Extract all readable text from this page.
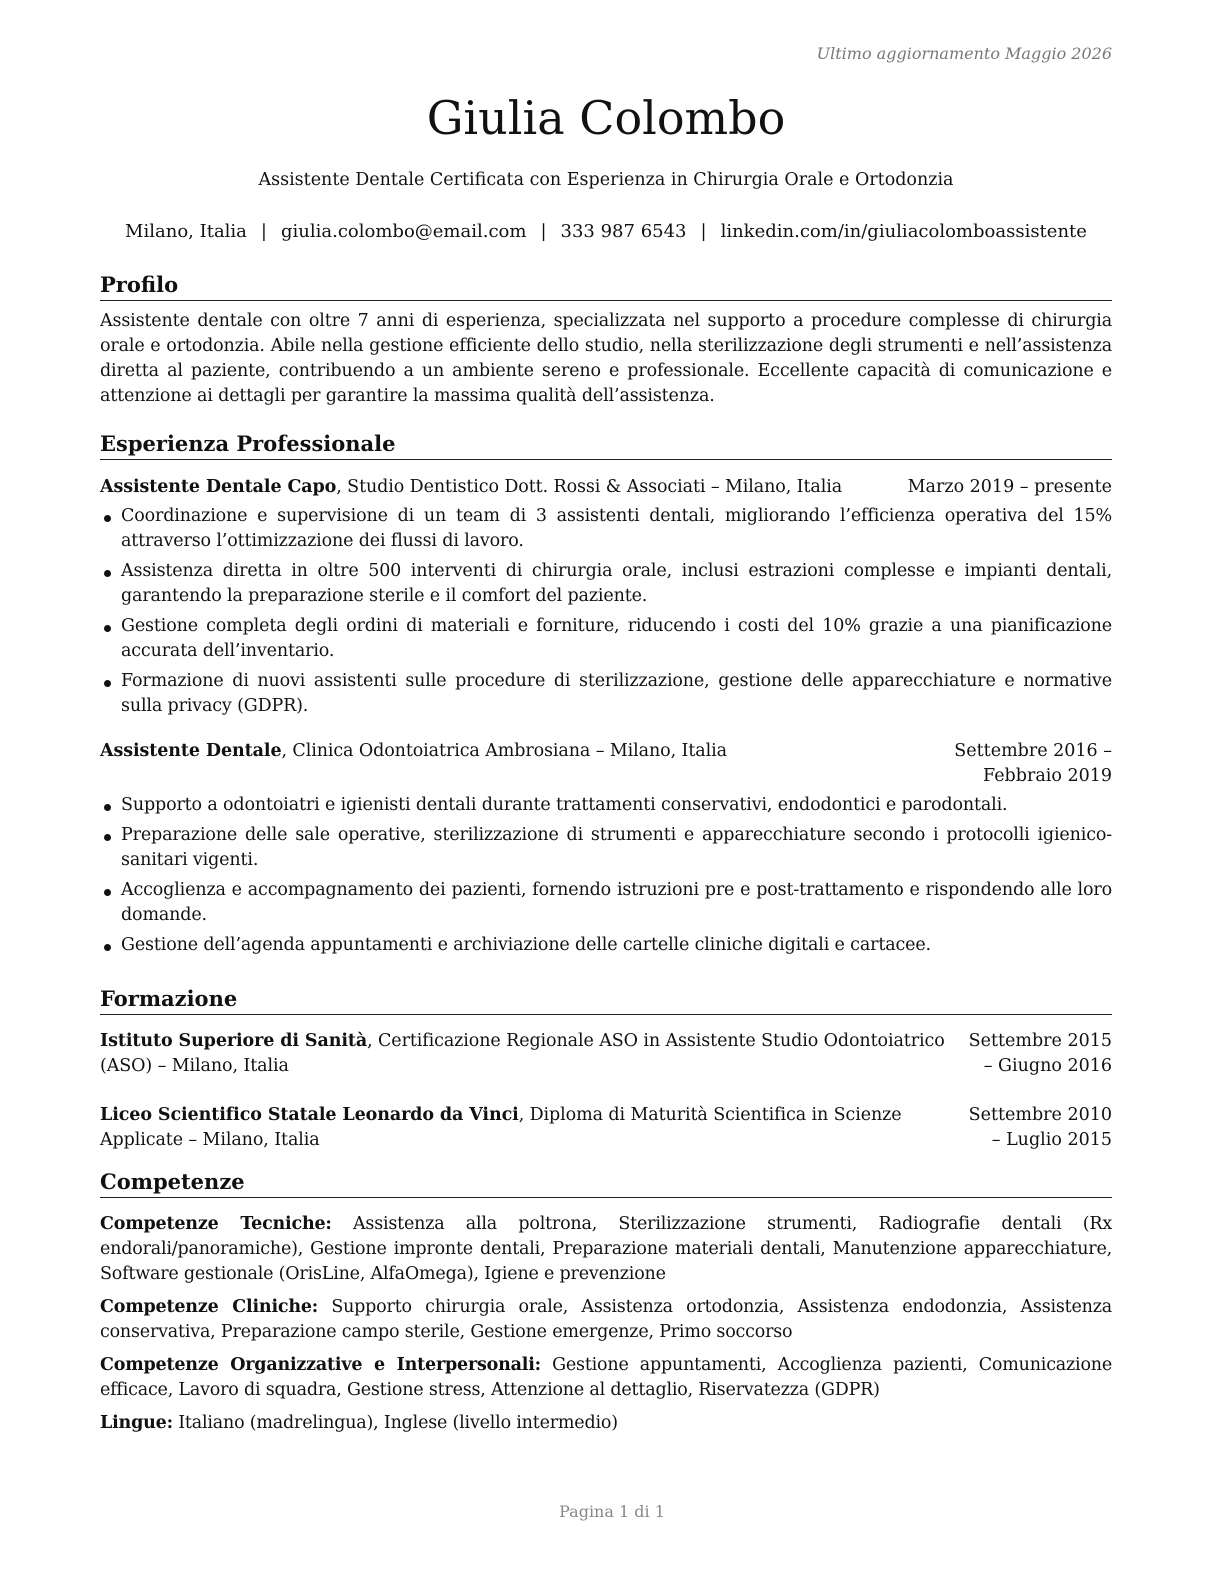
Ultimo aggiornamento Maggio 2026
Giulia Colombo
Assistente Dentale Certificata con Esperienza in Chirurgia Orale e Ortodonzia
Milano, Italia | giulia.colombo@email.com | 333 987 6543 | linkedin.com/in/giuliacolomboassistente
Profilo

Assistente dentale con oltre 7 anni di esperienza, specializzata nel supporto a procedure complesse di chirurgia orale e ortodonzia. Abile nella gestione efficiente dello studio, nella sterilizzazione degli strumenti e nell’assistenza diretta al paziente, contribuendo a un ambiente sereno e professionale. Eccellente capacità di comunicazione e attenzione ai dettagli per garantire la massima qualità dell’assistenza.

Esperienza Professionale
Assistente Dentale Capo, Studio Dentistico Dott. Rossi & Associati – Milano, Italia	Marzo 2019 – presente
Coordinazione e supervisione di un team di 3 assistenti dentali, migliorando l’efficienza operativa del 15% attraverso l’ottimizzazione dei flussi di lavoro.
Assistenza diretta in oltre 500 interventi di chirurgia orale, inclusi estrazioni complesse e impianti dentali, garantendo la preparazione sterile e il comfort del paziente.
Gestione completa degli ordini di materiali e forniture, riducendo i costi del 10% grazie a una pianificazione accurata dell’inventario.
Formazione di nuovi assistenti sulle procedure di sterilizzazione, gestione delle apparecchiature e normative sulla privacy (GDPR).
Assistente Dentale, Clinica Odontoiatrica Ambrosiana – Milano, Italia	Settembre 2016 – Febbraio 2019
Supporto a odontoiatri e igienisti dentali durante trattamenti conservativi, endodontici e parodontali.
Preparazione delle sale operative, sterilizzazione di strumenti e apparecchiature secondo i protocolli igienico-sanitari vigenti.
Accoglienza e accompagnamento dei pazienti, fornendo istruzioni pre e post-trattamento e rispondendo alle loro domande.
Gestione dell’agenda appuntamenti e archiviazione delle cartelle cliniche digitali e cartacee.
Formazione
Istituto Superiore di Sanità, Certificazione Regionale ASO in Assistente Studio Odontoiatrico (ASO) – Milano, Italia
Settembre 2015 – Giugno 2016
Liceo Scientifico Statale Leonardo da Vinci, Diploma di Maturità Scientifica in Scienze Applicate – Milano, Italia
Settembre 2010 – Luglio 2015
Competenze

Competenze Tecniche: Assistenza alla poltrona, Sterilizzazione strumenti, Radiografie dentali (Rx endorali/panoramiche), Gestione impronte dentali, Preparazione materiali dentali, Manutenzione apparecchiature, Software gestionale (OrisLine, AlfaOmega), Igiene e prevenzione

Competenze Cliniche: Supporto chirurgia orale, Assistenza ortodonzia, Assistenza endodonzia, Assistenza conservativa, Preparazione campo sterile, Gestione emergenze, Primo soccorso

Competenze Organizzative e Interpersonali: Gestione appuntamenti, Accoglienza pazienti, Comunicazione efficace, Lavoro di squadra, Gestione stress, Attenzione al dettaglio, Riservatezza (GDPR)

Lingue: Italiano (madrelingua), Inglese (livello intermedio)

Pagina 1 di 1
